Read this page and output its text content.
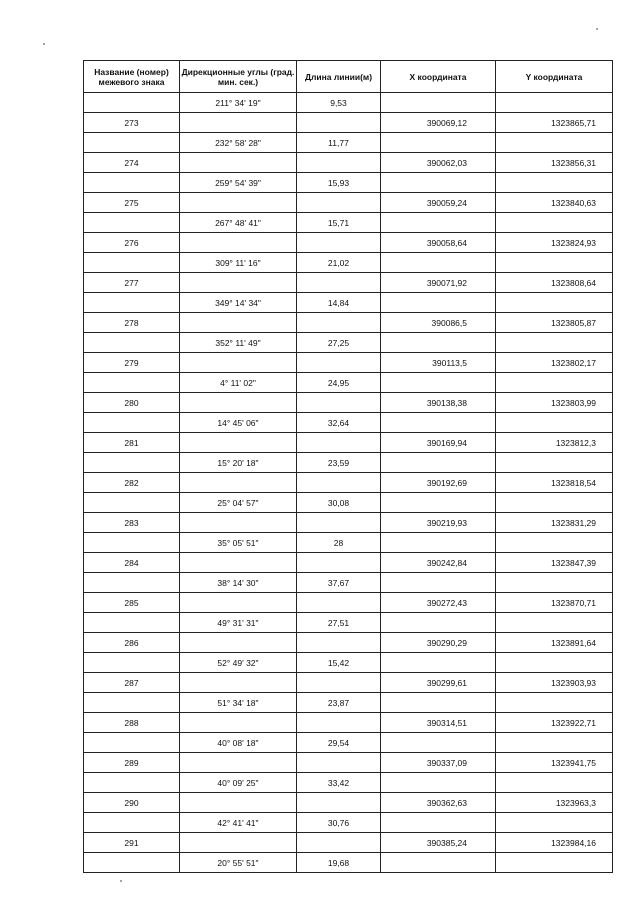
Название (номер) межевого знака	Дирекционные углы (град. мин. сек.)	Длина линии(м)	X координата	Y координата
	211° 34' 19"	9,53		
273			390069,12	1323865,71
	232° 58' 28"	11,77		
274			390062,03	1323856,31
	259° 54' 39"	15,93		
275			390059,24	1323840,63
	267° 48' 41"	15,71		
276			390058,64	1323824,93
	309° 11' 16"	21,02		
277			390071,92	1323808,64
	349° 14' 34"	14,84		
278			390086,5	1323805,87
	352° 11' 49"	27,25		
279			390113,5	1323802,17
	4° 11' 02"	24,95		
280			390138,38	1323803,99
	14° 45' 06"	32,64		
281			390169,94	1323812,3
	15° 20' 18"	23,59		
282			390192,69	1323818,54
	25° 04' 57"	30,08		
283			390219,93	1323831,29
	35° 05' 51"	28		
284			390242,84	1323847,39
	38° 14' 30"	37,67		
285			390272,43	1323870,71
	49° 31' 31"	27,51		
286			390290,29	1323891,64
	52° 49' 32"	15,42		
287			390299,61	1323903,93
	51° 34' 18"	23,87		
288			390314,51	1323922,71
	40° 08' 18"	29,54		
289			390337,09	1323941,75
	40° 09' 25"	33,42		
290			390362,63	1323963,3
	42° 41' 41"	30,76		
291			390385,24	1323984,16
	20° 55' 51"	19,68		
